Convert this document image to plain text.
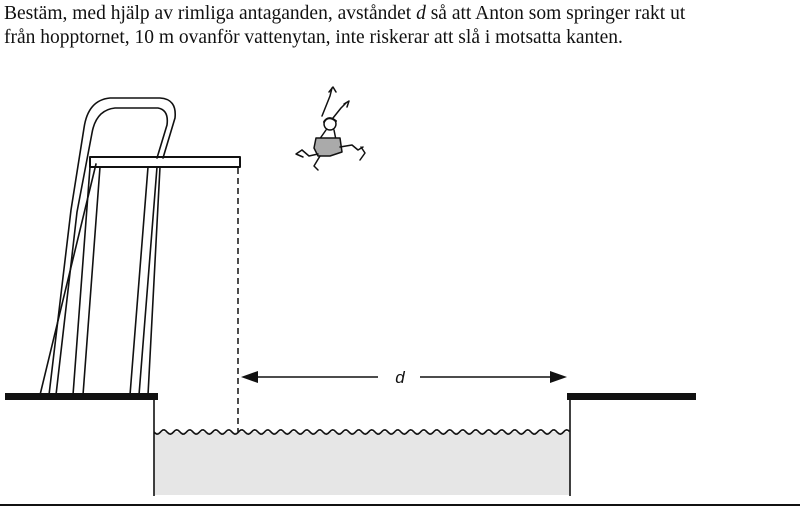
Bestäm, med hjälp av rimliga antaganden, avståndet d så att Anton som springer rakt ut
från hopptornet, 10 m ovanför vattenytan, inte riskerar att slå i motsatta kanten.

d
